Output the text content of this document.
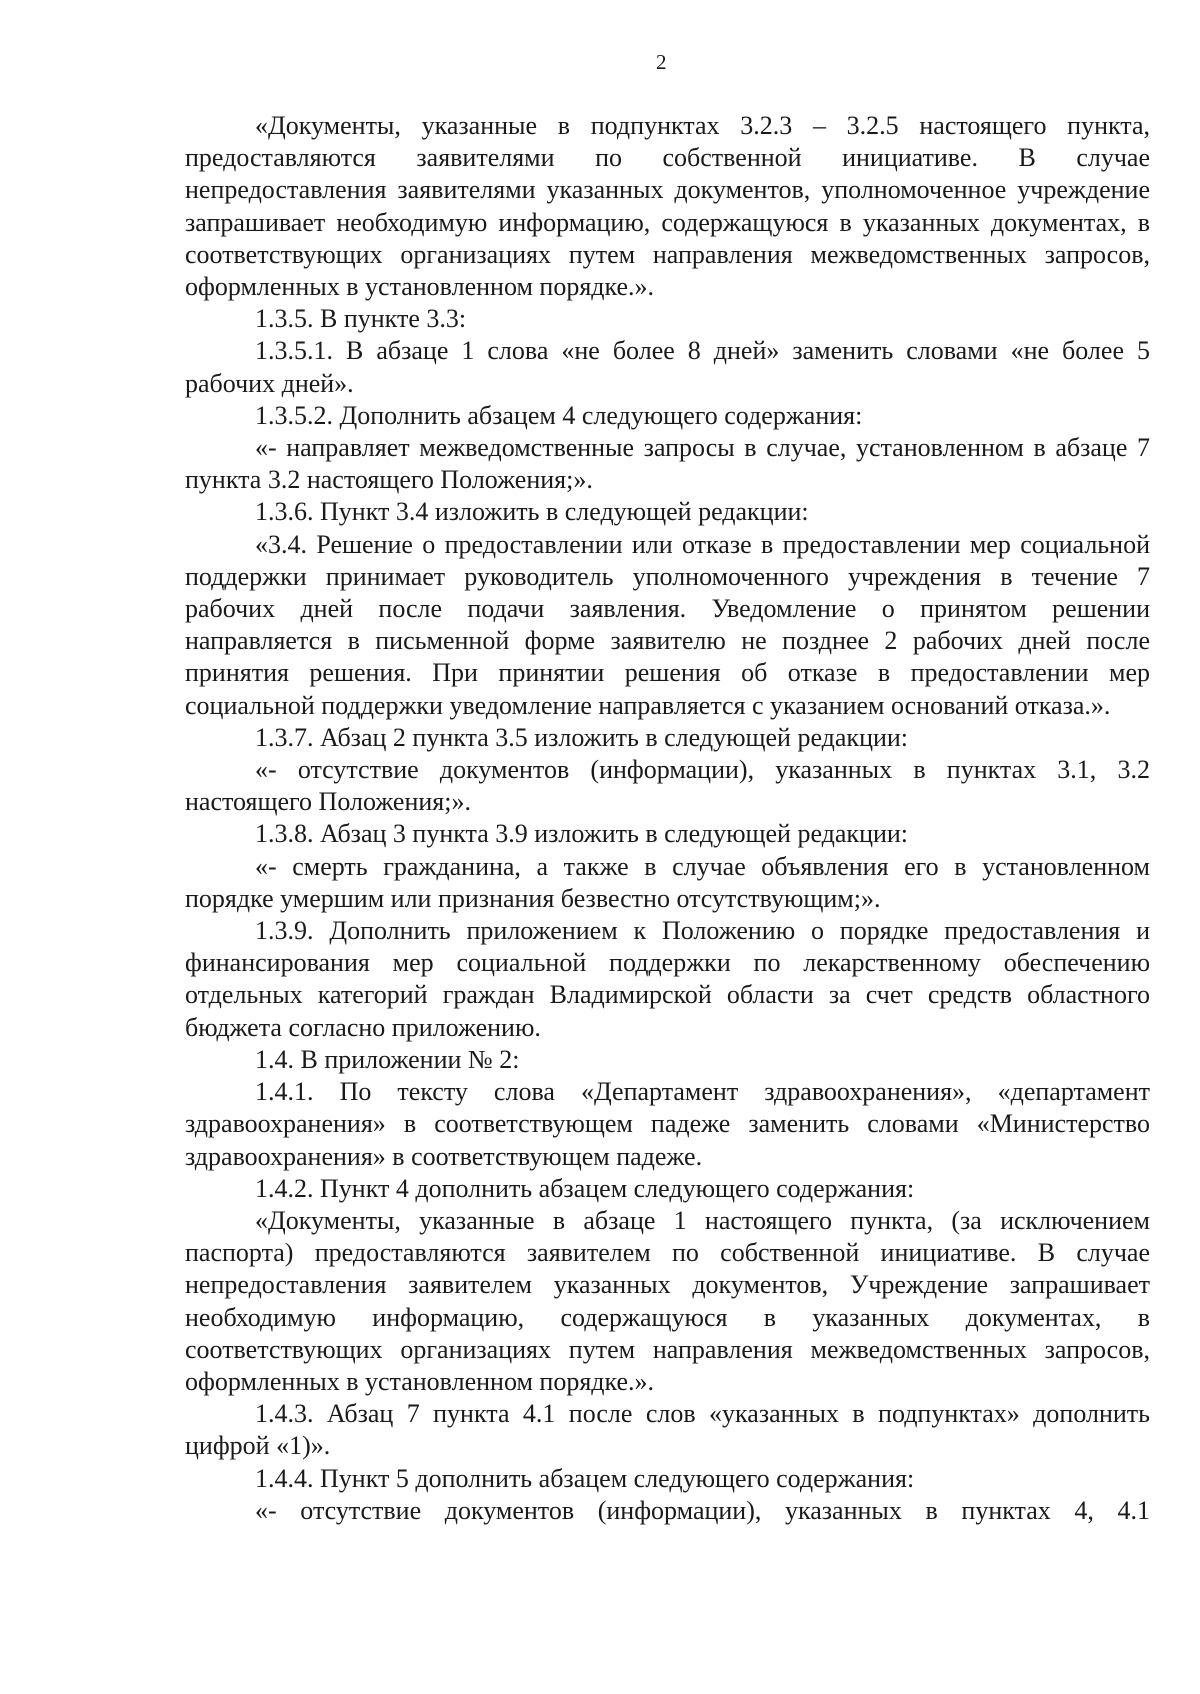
2

«Документы, указанные в подпунктах 3.2.3 – 3.2.5 настоящего пункта, предоставляются заявителями по собственной инициативе. В случае непредоставления заявителями указанных документов, уполномоченное учреждение запрашивает необходимую информацию, содержащуюся в указанных документах, в соответствующих организациях путем направления межведомственных запросов, оформленных в установленном порядке.».

1.3.5. В пункте 3.3:

1.3.5.1. В абзаце 1 слова «не более 8 дней» заменить словами «не более 5 рабочих дней».

1.3.5.2. Дополнить абзацем 4 следующего содержания:

«- направляет межведомственные запросы в случае, установленном в абзаце 7 пункта 3.2 настоящего Положения;».

1.3.6. Пункт 3.4 изложить в следующей редакции:

«3.4. Решение о предоставлении или отказе в предоставлении мер социальной поддержки принимает руководитель уполномоченного учреждения в течение 7 рабочих дней после подачи заявления. Уведомление о принятом решении направляется в письменной форме заявителю не позднее 2 рабочих дней после принятия решения. При принятии решения об отказе в предоставлении мер социальной поддержки уведомление направляется с указанием оснований отказа.».

1.3.7. Абзац 2 пункта 3.5 изложить в следующей редакции:

«- отсутствие документов (информации), указанных в пунктах 3.1, 3.2 настоящего Положения;».

1.3.8. Абзац 3 пункта 3.9 изложить в следующей редакции:

«- смерть гражданина, а также в случае объявления его в установленном порядке умершим или признания безвестно отсутствующим;».

1.3.9. Дополнить приложением к Положению о порядке предоставления и финансирования мер социальной поддержки по лекарственному обеспечению отдельных категорий граждан Владимирской области за счет средств областного бюджета согласно приложению.

1.4. В приложении № 2:

1.4.1. По тексту слова «Департамент здравоохранения», «департамент здравоохранения» в соответствующем падеже заменить словами «Министерство здравоохранения» в соответствующем падеже.

1.4.2. Пункт 4 дополнить абзацем следующего содержания:

«Документы, указанные в абзаце 1 настоящего пункта, (за исключением паспорта) предоставляются заявителем по собственной инициативе. В случае непредоставления заявителем указанных документов, Учреждение запрашивает необходимую информацию, содержащуюся в указанных документах, в соответствующих организациях путем направления межведомственных запросов, оформленных в установленном порядке.».

1.4.3. Абзац 7 пункта 4.1 после слов «указанных в подпунктах» дополнить цифрой «1)».

1.4.4. Пункт 5 дополнить абзацем следующего содержания:

«- отсутствие документов (информации), указанных в пунктах 4, 4.1
